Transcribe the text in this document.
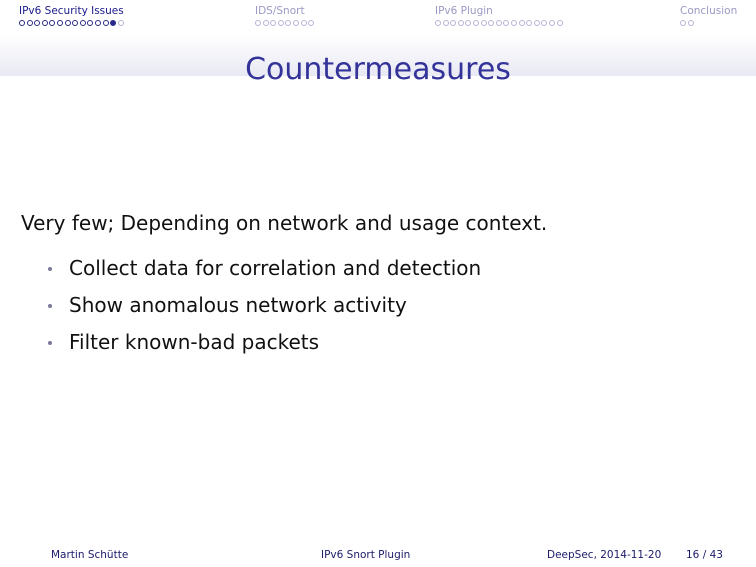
IPv6 Security Issues	IDS/Snort	IPv6 Plugin	Conclusion
Countermeasures
Very few; Depending on network and usage context.
Collect data for correlation and detection
Show anomalous network activity
Filter known-bad packets
Martin Schütte	IPv6 Snort Plugin	DeepSec, 2014-11-20 16 / 43
